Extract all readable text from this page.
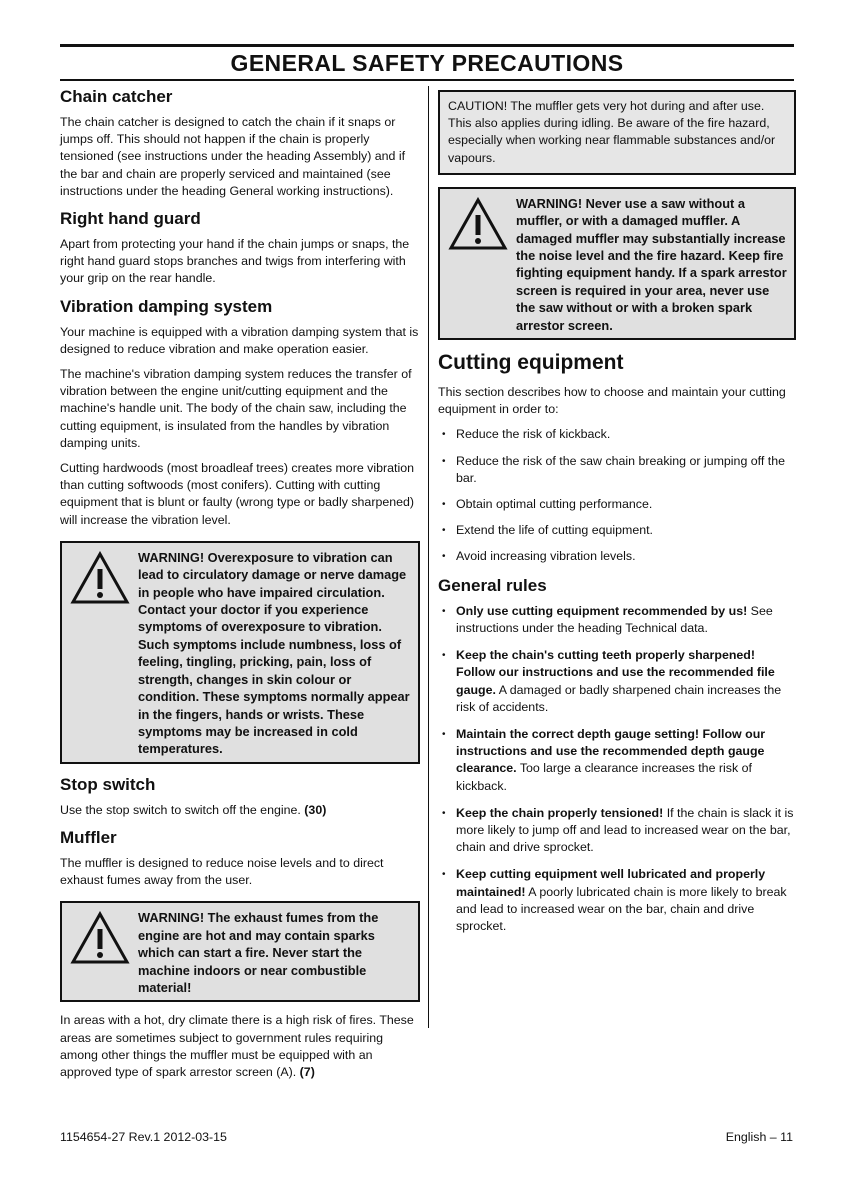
GENERAL SAFETY PRECAUTIONS
Chain catcher

The chain catcher is designed to catch the chain if it snaps or jumps off. This should not happen if the chain is properly tensioned (see instructions under the heading Assembly) and if the bar and chain are properly serviced and maintained (see instructions under the heading General working instructions).

Right hand guard

Apart from protecting your hand if the chain jumps or snaps, the right hand guard stops branches and twigs from interfering with your grip on the rear handle.

Vibration damping system

Your machine is equipped with a vibration damping system that is designed to reduce vibration and make operation easier.

The machine's vibration damping system reduces the transfer of vibration between the engine unit/cutting equipment and the machine's handle unit. The body of the chain saw, including the cutting equipment, is insulated from the handles by vibration damping units.

Cutting hardwoods (most broadleaf trees) creates more vibration than cutting softwoods (most conifers). Cutting with cutting equipment that is blunt or faulty (wrong type or badly sharpened) will increase the vibration level.

WARNING! Overexposure to vibration can lead to circulatory damage or nerve damage in people who have impaired circulation. Contact your doctor if you experience symptoms of overexposure to vibration. Such symptoms include numbness, loss of feeling, tingling, pricking, pain, loss of strength, changes in skin colour or condition. These symptoms normally appear in the fingers, hands or wrists. These symptoms may be increased in cold temperatures.
Stop switch

Use the stop switch to switch off the engine. (30)

Muffler

The muffler is designed to reduce noise levels and to direct exhaust fumes away from the user.

WARNING! The exhaust fumes from the engine are hot and may contain sparks which can start a fire. Never start the machine indoors or near combustible material!

In areas with a hot, dry climate there is a high risk of fires. These areas are sometimes subject to government rules requiring among other things the muffler must be equipped with an approved type of spark arrestor screen (A). (7)

CAUTION! The muffler gets very hot during and after use. This also applies during idling. Be aware of the fire hazard, especially when working near flammable substances and/or vapours.
WARNING! Never use a saw without a muffler, or with a damaged muffler. A damaged muffler may substantially increase the noise level and the fire hazard. Keep fire fighting equipment handy. If a spark arrestor screen is required in your area, never use the saw without or with a broken spark arrestor screen.
Cutting equipment

This section describes how to choose and maintain your cutting equipment in order to:

• Reduce the risk of kickback.
• Reduce the risk of the saw chain breaking or jumping off the bar.
• Obtain optimal cutting performance.
• Extend the life of cutting equipment.
• Avoid increasing vibration levels.
General rules
• Only use cutting equipment recommended by us! See instructions under the heading Technical data.
• Keep the chain's cutting teeth properly sharpened! Follow our instructions and use the recommended file gauge. A damaged or badly sharpened chain increases the risk of accidents.
• Maintain the correct depth gauge setting! Follow our instructions and use the recommended depth gauge clearance. Too large a clearance increases the risk of kickback.
• Keep the chain properly tensioned! If the chain is slack it is more likely to jump off and lead to increased wear on the bar, chain and drive sprocket.
• Keep cutting equipment well lubricated and properly maintained! A poorly lubricated chain is more likely to break and lead to increased wear on the bar, chain and drive sprocket.
1154654-27 Rev.1 2012-03-15	English – 11
